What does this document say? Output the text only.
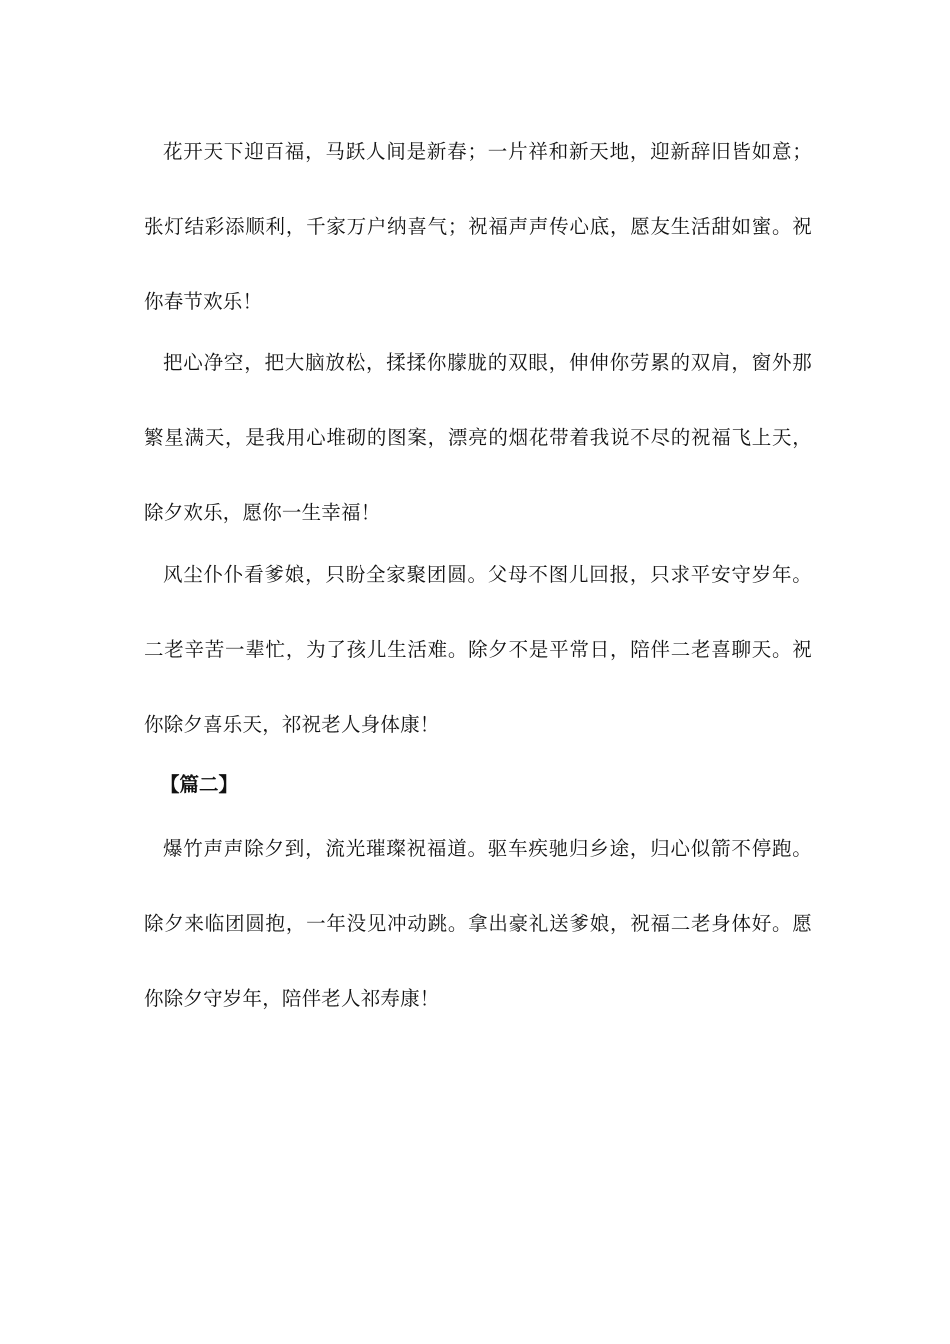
花开天下迎百福，马跃人间是新春；一片祥和新天地，迎新辞旧皆如意；张灯结彩添顺利，千家万户纳喜气；祝福声声传心底，愿友生活甜如蜜。祝你春节欢乐！

把心净空，把大脑放松，揉揉你朦胧的双眼，伸伸你劳累的双肩，窗外那繁星满天，是我用心堆砌的图案，漂亮的烟花带着我说不尽的祝福飞上天，除夕欢乐，愿你一生幸福！

风尘仆仆看爹娘，只盼全家聚团圆。父母不图儿回报，只求平安守岁年。二老辛苦一辈忙，为了孩儿生活难。除夕不是平常日，陪伴二老喜聊天。祝你除夕喜乐天，祁祝老人身体康！

【篇二】

爆竹声声除夕到，流光璀璨祝福道。驱车疾驰归乡途，归心似箭不停跑。除夕来临团圆抱，一年没见冲动跳。拿出豪礼送爹娘，祝福二老身体好。愿你除夕守岁年，陪伴老人祁寿康！
